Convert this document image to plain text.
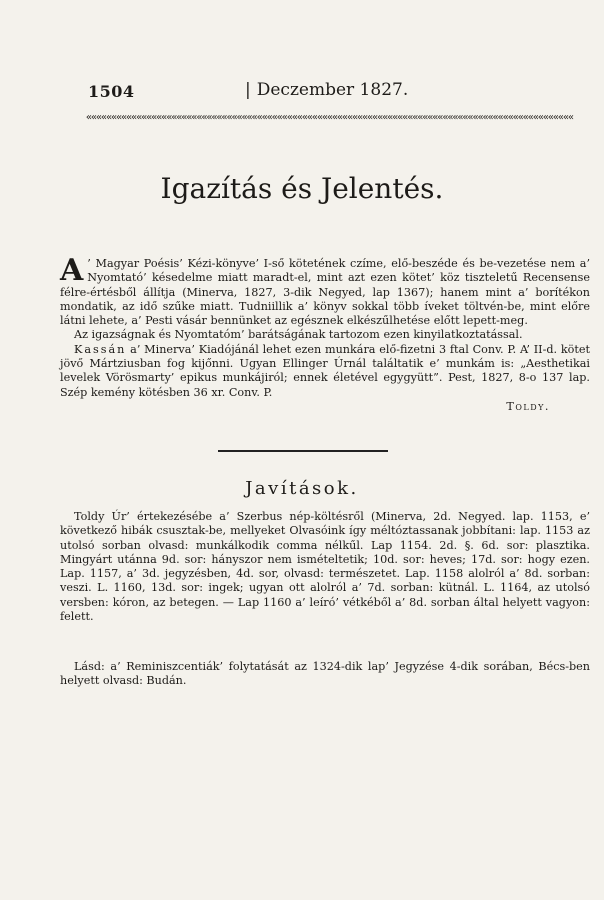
1504	| Deczember 1827.
«««««««««««««««««««««««««««««««««««««««««««««««««««««««««««««««««««««««««««««««««««««««««««««««««
Igazítás és Jelentés.

A ’ Magyar Poésis’ Kézi-könyve’ I-ső kötetének czíme, elő-beszéde és be-vezetése nem a’ Nyomtató’ késedelme miatt maradt-el, mint azt ezen kötet’ köz tiszteletű Recensense félre-értésből állítja (Minerva, 1827, 3-dik Negyed, lap 1367); hanem mint a’ borítékon mondatik, az idő szűke miatt. Tudniillik a’ könyv sokkal több íveket töltvén-be, mint előre látni lehete, a’ Pesti vásár bennünket az egésznek elkészűlhetése előtt lepett-meg.

Az igazságnak és Nyomtatóm’ barátságának tartozom ezen kinyilatkoztatással.

Kassán a’ Minerva’ Kiadójánál lehet ezen munkára elő-fizetni 3 ftal Conv. P. A’ II-d. kötet jövő Mártziusban fog kijőnni. Ugyan Ellinger Úrnál találtatik e’ munkám is: „Aesthetikai levelek Vörösmarty’ epikus munkájiról; ennek életével egygyütt”. Pest, 1827, 8-o 137 lap. Szép kemény kötésben 36 xr. Conv. P.

Toldy.

Javítások.

Toldy Úr’ értekezésébe a’ Szerbus nép-költésről (Minerva, 2d. Negyed. lap. 1153, e’ következő hibák csusztak-be, mellyeket Olvasóink így méltóztassanak jobbítani: lap. 1153 az utolsó sorban olvasd: munkálkodik comma nélkűl. Lap 1154. 2d. §. 6d. sor: plasztika. Mingyárt utánna 9d. sor: hányszor nem ismételtetik; 10d. sor: heves; 17d. sor: hogy ezen. Lap. 1157, a’ 3d. jegyzésben, 4d. sor, olvasd: természetet. Lap. 1158 alolról a’ 8d. sorban: veszi. L. 1160, 13d. sor: ingek; ugyan ott alolról a’ 7d. sorban: kütnál. L. 1164, az utolsó versben: kóron, az betegen. — Lap 1160 a’ leíró’ vétkéből a’ 8d. sorban által helyett vagyon: felett.

Lásd: a’ Reminiszcentiák’ folytatását az 1324-dik lap’ Jegyzése 4-dik sorában, Bécs-ben helyett olvasd: Budán.
